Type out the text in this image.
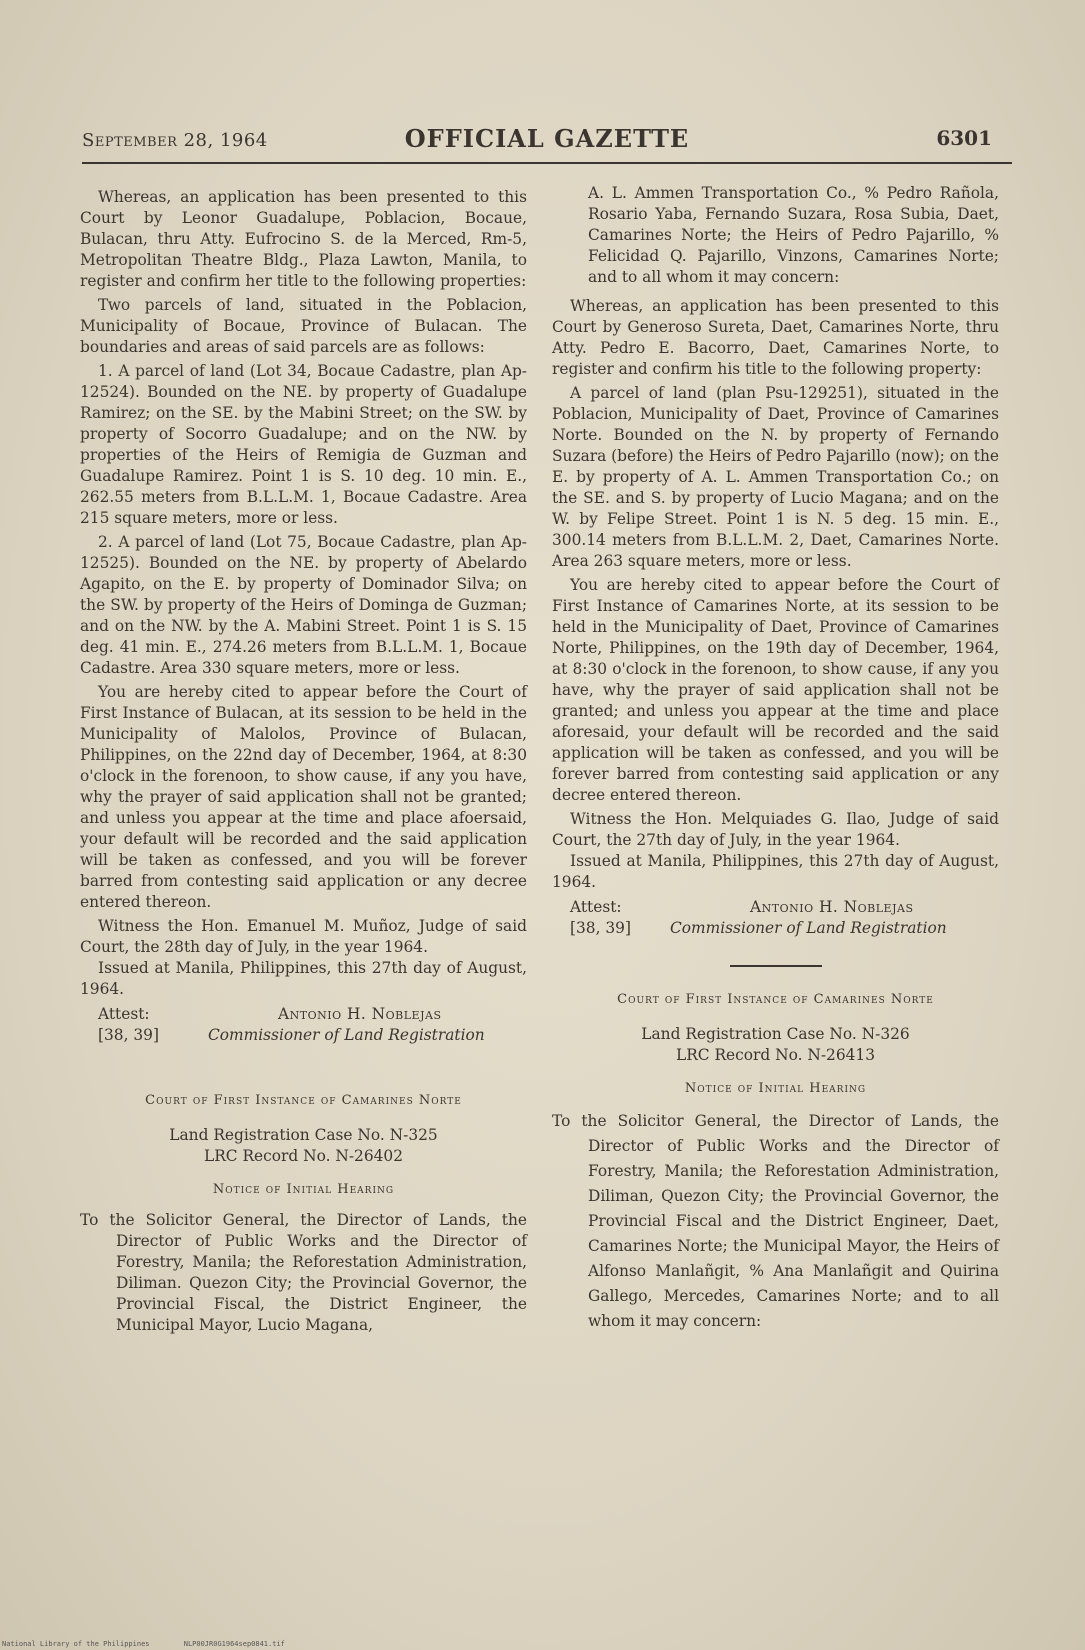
September 28, 1964	OFFICIAL GAZETTE	6301

Whereas, an application has been presented to this Court by Leonor Guadalupe, Poblacion, Bocaue, Bulacan, thru Atty. Eufrocino S. de la Merced, Rm-5, Metropolitan Theatre Bldg., Plaza Lawton, Manila, to register and confirm her title to the following properties:

Two parcels of land, situated in the Poblacion, Municipality of Bocaue, Province of Bulacan. The boundaries and areas of said parcels are as follows:

1. A parcel of land (Lot 34, Bocaue Cadastre, plan Ap-12524). Bounded on the NE. by property of Guadalupe Ramirez; on the SE. by the Mabini Street; on the SW. by property of Socorro Guadalupe; and on the NW. by properties of the Heirs of Remigia de Guzman and Guadalupe Ramirez. Point 1 is S. 10 deg. 10 min. E., 262.55 meters from B.L.L.M. 1, Bocaue Cadastre. Area 215 square meters, more or less.

2. A parcel of land (Lot 75, Bocaue Cadastre, plan Ap-12525). Bounded on the NE. by property of Abelardo Agapito, on the E. by property of Dominador Silva; on the SW. by property of the Heirs of Dominga de Guzman; and on the NW. by the A. Mabini Street. Point 1 is S. 15 deg. 41 min. E., 274.26 meters from B.L.L.M. 1, Bocaue Cadastre. Area 330 square meters, more or less.

You are hereby cited to appear before the Court of First Instance of Bulacan, at its session to be held in the Municipality of Malolos, Province of Bulacan, Philippines, on the 22nd day of December, 1964, at 8:30 o'clock in the forenoon, to show cause, if any you have, why the prayer of said application shall not be granted; and unless you appear at the time and place afoersaid, your default will be recorded and the said application will be taken as confessed, and you will be forever barred from contesting said application or any decree entered thereon.

Witness the Hon. Emanuel M. Muñoz, Judge of said Court, the 28th day of July, in the year 1964.

Issued at Manila, Philippines, this 27th day of August, 1964.

Attest:	Antonio H. Noblejas
[38, 39]	Commissioner of Land Registration
Court of First Instance of Camarines Norte
Land Registration Case No. N-325
LRC Record No. N-26402
Notice of Initial Hearing

To the Solicitor General, the Director of Lands, the Director of Public Works and the Director of Forestry, Manila; the Reforestation Administration, Diliman. Quezon City; the Provincial Governor, the Provincial Fiscal, the District Engineer, the Municipal Mayor, Lucio Magana,

A. L. Ammen Transportation Co., % Pedro Rañola, Rosario Yaba, Fernando Suzara, Rosa Subia, Daet, Camarines Norte; the Heirs of Pedro Pajarillo, % Felicidad Q. Pajarillo, Vinzons, Camarines Norte; and to all whom it may concern:

Whereas, an application has been presented to this Court by Generoso Sureta, Daet, Camarines Norte, thru Atty. Pedro E. Bacorro, Daet, Camarines Norte, to register and confirm his title to the following property:

A parcel of land (plan Psu-129251), situated in the Poblacion, Municipality of Daet, Province of Camarines Norte. Bounded on the N. by property of Fernando Suzara (before) the Heirs of Pedro Pajarillo (now); on the E. by property of A. L. Ammen Transportation Co.; on the SE. and S. by property of Lucio Magana; and on the W. by Felipe Street. Point 1 is N. 5 deg. 15 min. E., 300.14 meters from B.L.L.M. 2, Daet, Camarines Norte. Area 263 square meters, more or less.

You are hereby cited to appear before the Court of First Instance of Camarines Norte, at its session to be held in the Municipality of Daet, Province of Camarines Norte, Philippines, on the 19th day of December, 1964, at 8:30 o'clock in the forenoon, to show cause, if any you have, why the prayer of said application shall not be granted; and unless you appear at the time and place aforesaid, your default will be recorded and the said application will be taken as confessed, and you will be forever barred from contesting said application or any decree entered thereon.

Witness the Hon. Melquiades G. Ilao, Judge of said Court, the 27th day of July, in the year 1964.

Issued at Manila, Philippines, this 27th day of August, 1964.

Attest:	Antonio H. Noblejas
[38, 39]	Commissioner of Land Registration
Court of First Instance of Camarines Norte
Land Registration Case No. N-326
LRC Record No. N-26413
Notice of Initial Hearing

To the Solicitor General, the Director of Lands, the Director of Public Works and the Director of Forestry, Manila; the Reforestation Administration, Diliman, Quezon City; the Provincial Governor, the Provincial Fiscal and the District Engineer, Daet, Camarines Norte; the Municipal Mayor, the Heirs of Alfonso Manlañgit, % Ana Manlañgit and Quirina Gallego, Mercedes, Camarines Norte; and to all whom it may concern:

National Library of the Philippines	NLP00JR0G1964sep0841.tif
